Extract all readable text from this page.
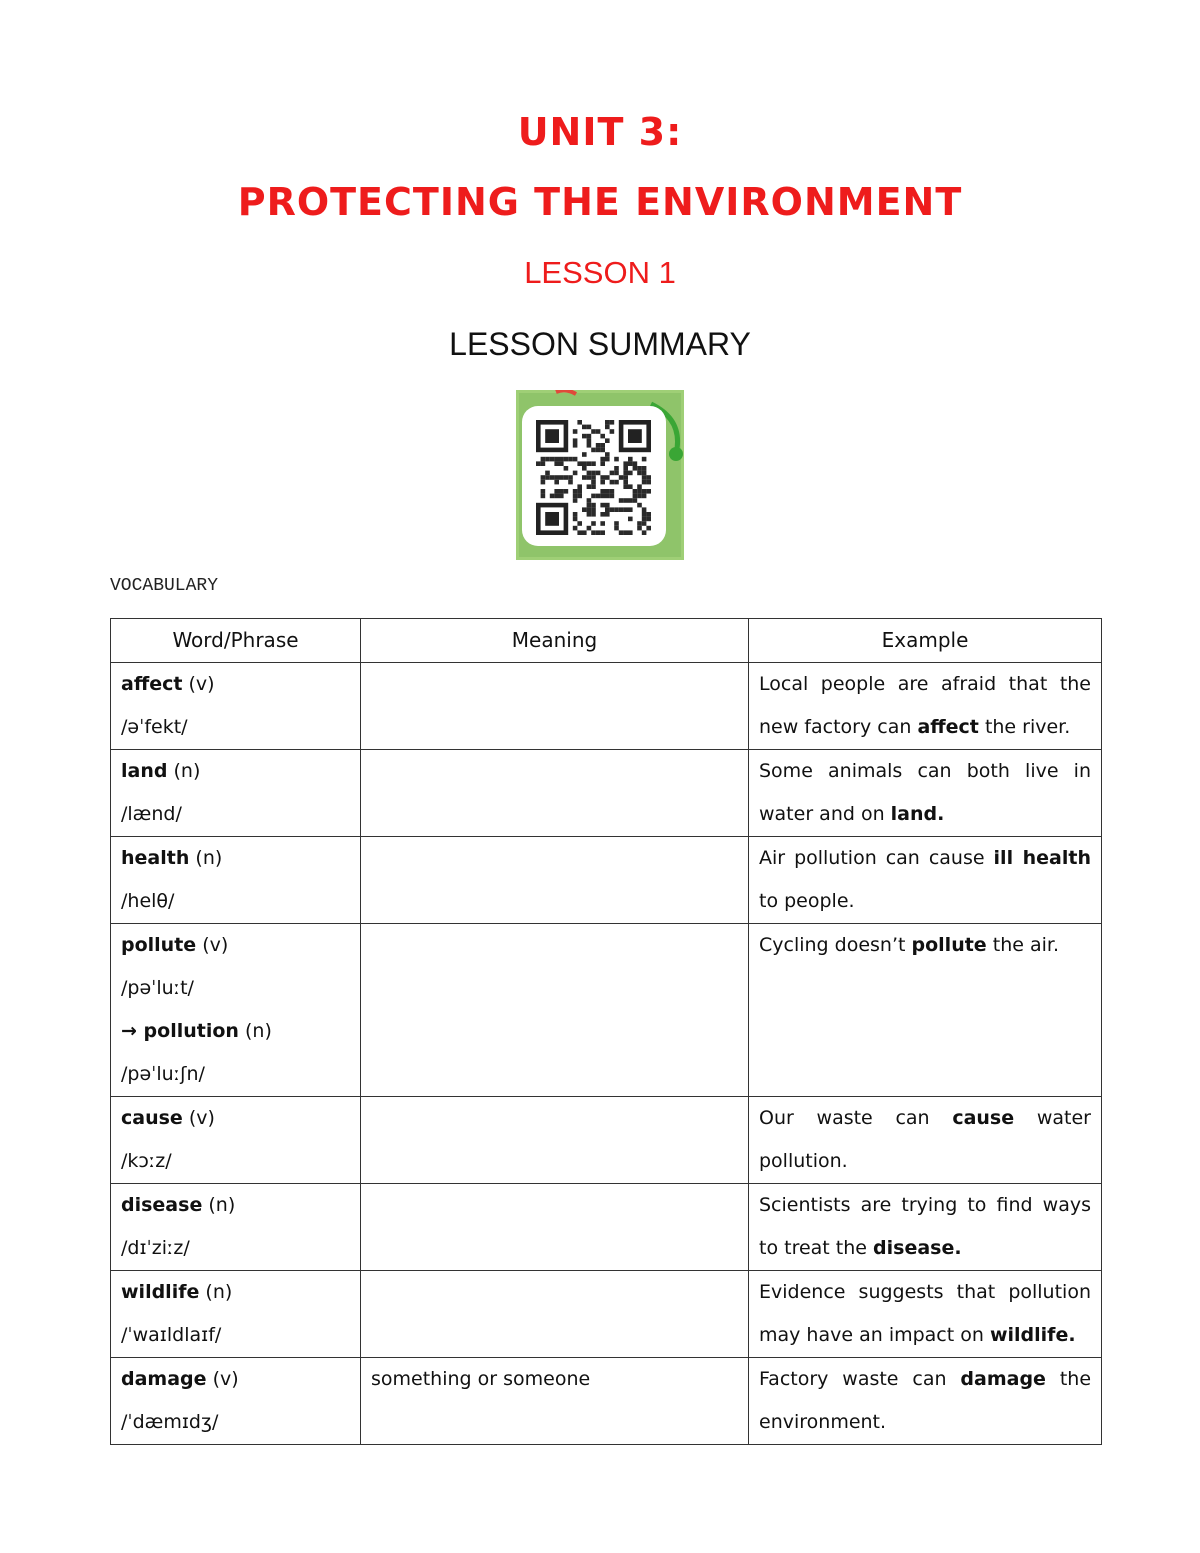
UNIT 3:
PROTECTING THE ENVIRONMENT
LESSON 1
LESSON SUMMARY

VOCABULARY

Word/Phrase	Meaning	Example

affect (v)
/əˈfekt/		Local people are afraid that the new factory can affect the river.

land (n)
/lænd/		Some animals can both live in water and on land.

health (n)
/helθ/		Air pollution can cause ill health to people.

pollute (v)
/pəˈluːt/
→ pollution (n)
/pəˈluːʃn/		Cycling doesn’t pollute the air.

cause (v)
/kɔːz/		Our waste can cause water pollution.

disease (n)
/dɪˈziːz/		Scientists are trying to find ways to treat the disease.

wildlife (n)
/ˈwaɪldlaɪf/		Evidence suggests that pollution may have an impact on wildlife.

damage (v)
/ˈdæmɪdʒ/	something or someone	Factory waste can damage the environment.
